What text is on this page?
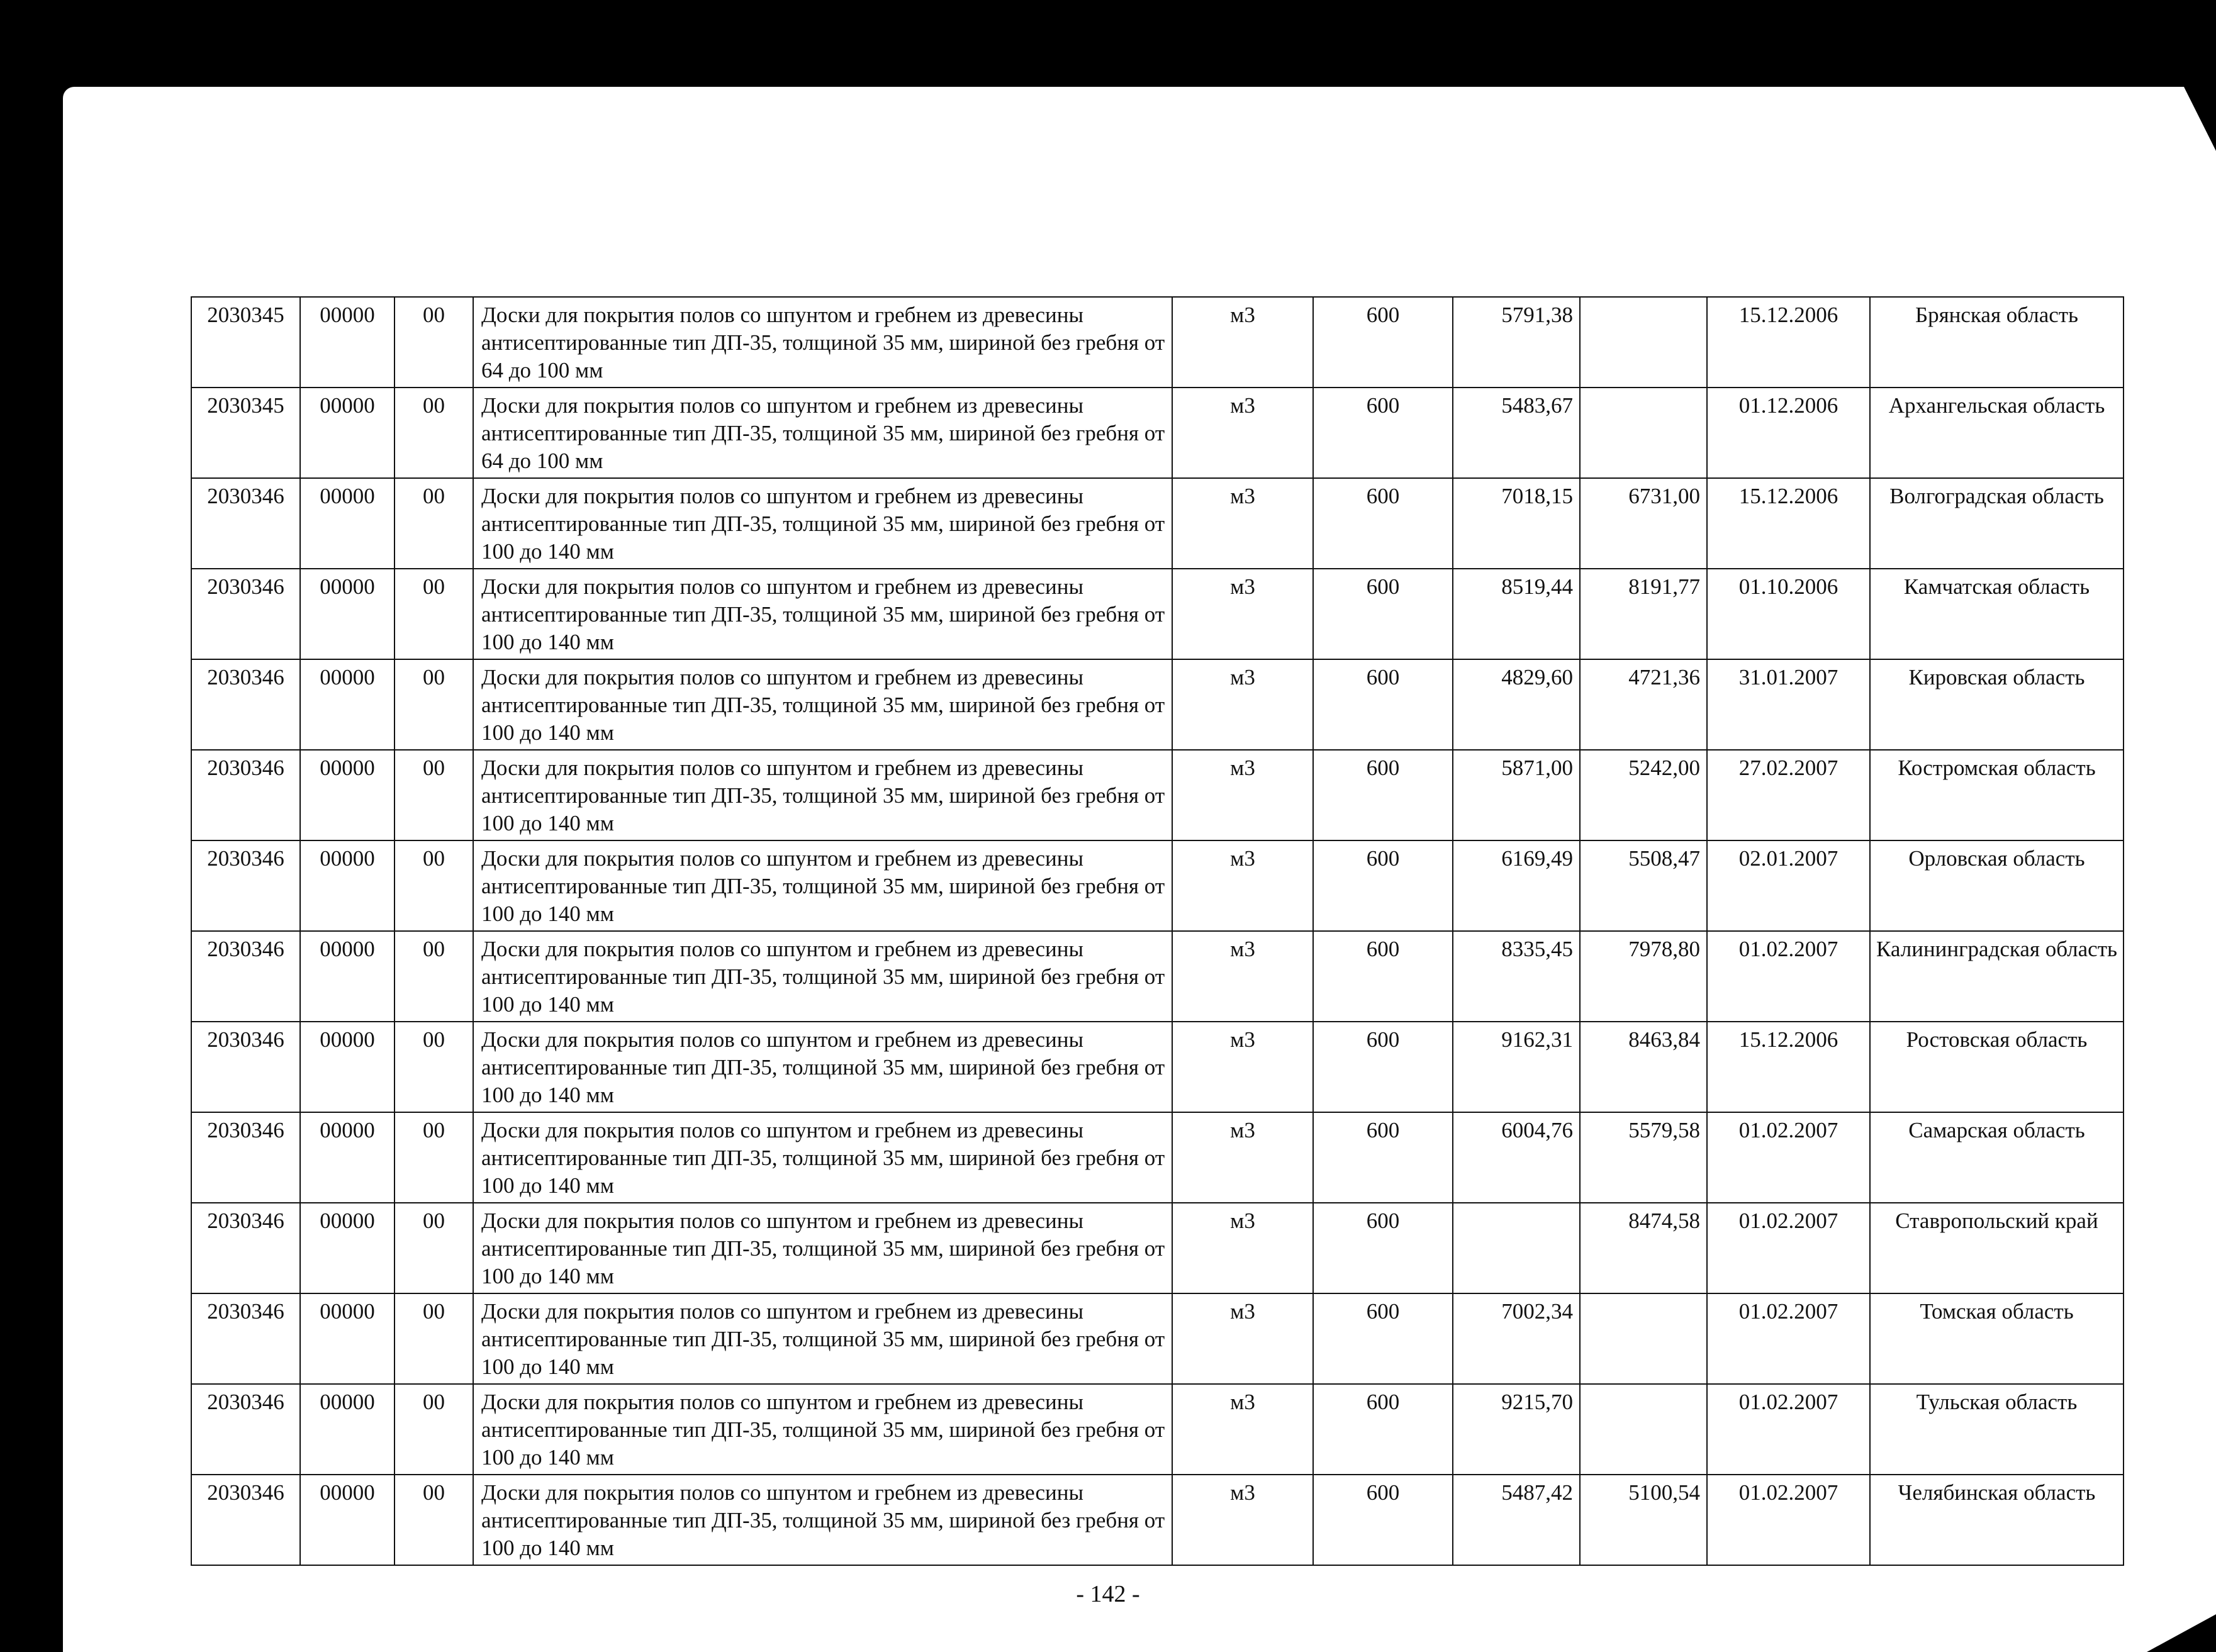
2030345	00000	00	Доски для покрытия полов со шпунтом и гребнем из древесины антисептированные тип ДП-35, толщиной 35 мм, шириной без гребня от 64 до 100 мм	м3	600	5791,38		15.12.2006	Брянская область
2030345	00000	00	Доски для покрытия полов со шпунтом и гребнем из древесины антисептированные тип ДП-35, толщиной 35 мм, шириной без гребня от 64 до 100 мм	м3	600	5483,67		01.12.2006	Архангельская область
2030346	00000	00	Доски для покрытия полов со шпунтом и гребнем из древесины антисептированные тип ДП-35, толщиной 35 мм, шириной без гребня от 100 до 140 мм	м3	600	7018,15	6731,00	15.12.2006	Волгоградская область
2030346	00000	00	Доски для покрытия полов со шпунтом и гребнем из древесины антисептированные тип ДП-35, толщиной 35 мм, шириной без гребня от 100 до 140 мм	м3	600	8519,44	8191,77	01.10.2006	Камчатская область
2030346	00000	00	Доски для покрытия полов со шпунтом и гребнем из древесины антисептированные тип ДП-35, толщиной 35 мм, шириной без гребня от 100 до 140 мм	м3	600	4829,60	4721,36	31.01.2007	Кировская область
2030346	00000	00	Доски для покрытия полов со шпунтом и гребнем из древесины антисептированные тип ДП-35, толщиной 35 мм, шириной без гребня от 100 до 140 мм	м3	600	5871,00	5242,00	27.02.2007	Костромская область
2030346	00000	00	Доски для покрытия полов со шпунтом и гребнем из древесины антисептированные тип ДП-35, толщиной 35 мм, шириной без гребня от 100 до 140 мм	м3	600	6169,49	5508,47	02.01.2007	Орловская область
2030346	00000	00	Доски для покрытия полов со шпунтом и гребнем из древесины антисептированные тип ДП-35, толщиной 35 мм, шириной без гребня от 100 до 140 мм	м3	600	8335,45	7978,80	01.02.2007	Калининградская область
2030346	00000	00	Доски для покрытия полов со шпунтом и гребнем из древесины антисептированные тип ДП-35, толщиной 35 мм, шириной без гребня от 100 до 140 мм	м3	600	9162,31	8463,84	15.12.2006	Ростовская область
2030346	00000	00	Доски для покрытия полов со шпунтом и гребнем из древесины антисептированные тип ДП-35, толщиной 35 мм, шириной без гребня от 100 до 140 мм	м3	600	6004,76	5579,58	01.02.2007	Самарская область
2030346	00000	00	Доски для покрытия полов со шпунтом и гребнем из древесины антисептированные тип ДП-35, толщиной 35 мм, шириной без гребня от 100 до 140 мм	м3	600		8474,58	01.02.2007	Ставропольский край
2030346	00000	00	Доски для покрытия полов со шпунтом и гребнем из древесины антисептированные тип ДП-35, толщиной 35 мм, шириной без гребня от 100 до 140 мм	м3	600	7002,34		01.02.2007	Томская область
2030346	00000	00	Доски для покрытия полов со шпунтом и гребнем из древесины антисептированные тип ДП-35, толщиной 35 мм, шириной без гребня от 100 до 140 мм	м3	600	9215,70		01.02.2007	Тульская область
2030346	00000	00	Доски для покрытия полов со шпунтом и гребнем из древесины антисептированные тип ДП-35, толщиной 35 мм, шириной без гребня от 100 до 140 мм	м3	600	5487,42	5100,54	01.02.2007	Челябинская область
- 142 -
